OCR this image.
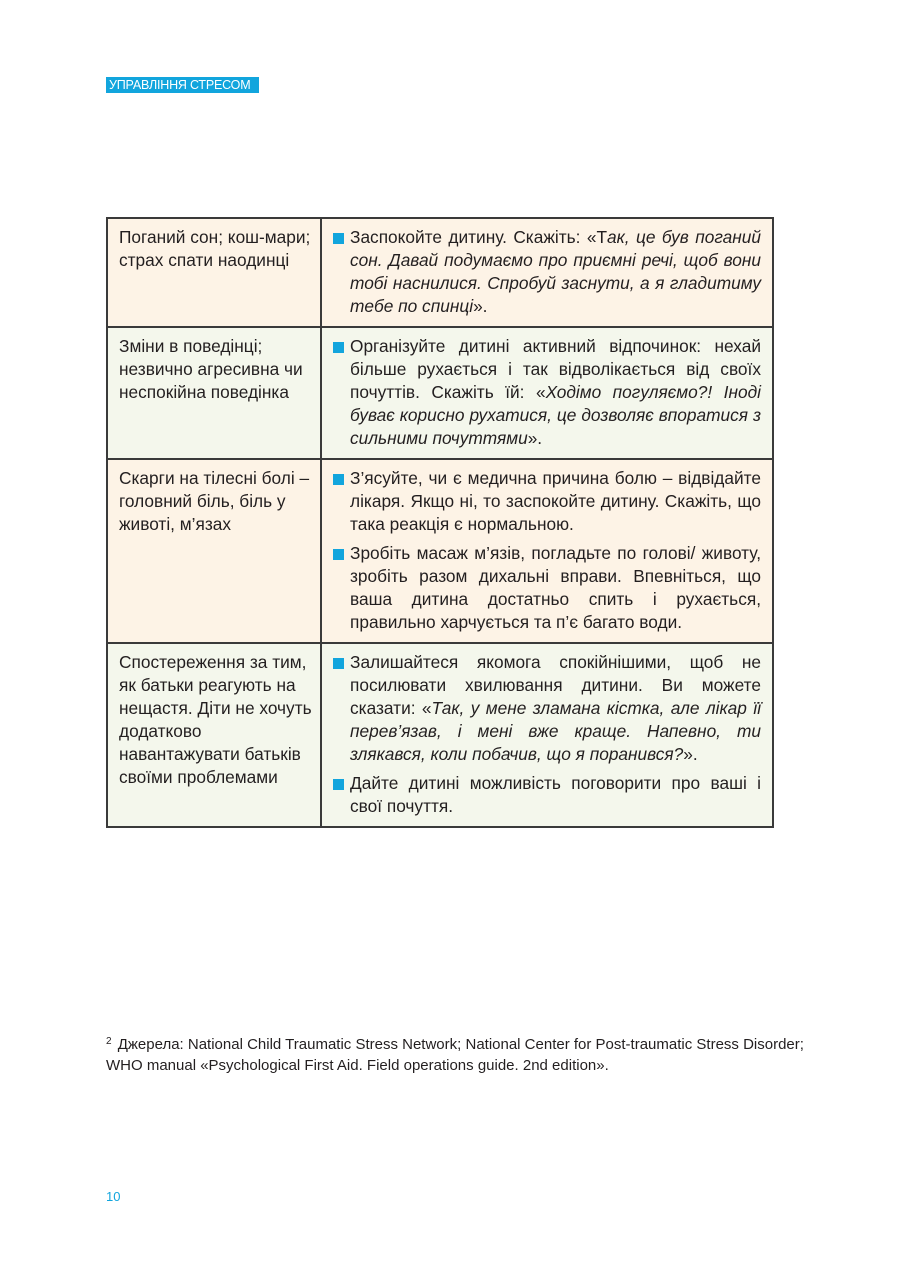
УПРАВЛІННЯ СТРЕСОМ
Поганий сон; кош-мари; страх спати наодинці	Заспокойте дитину. Скажіть: «Так, це був поганий сон. Давай подумаємо про приємні речі, щоб вони тобі наснилися. Спробуй заснути, а я гладитиму тебе по спинці».

Зміни в поведінці; незвично агресивна чи неспокійна поведінка	Організуйте дитині активний відпочинок: нехай більше рухається і так відволікається від своїх почуттів. Скажіть їй: «Ходімо погуляємо?! Іноді буває корисно рухатися, це дозволяє впоратися з сильними почуттями».

Скарги на тілесні болі – головний біль, біль у животі, м’язах	З’ясуйте, чи є медична причина болю – відвідайте лікаря. Якщо ні, то заспокойте дитину. Скажіть, що така реакція є нормальною.
Зробіть масаж м’язів, погладьте по голові/ животу, зробіть разом дихальні вправи. Впевніться, що ваша дитина достатньо спить і рухається, правильно харчується та п’є багато води.

Спостереження за тим, як батьки реагують на нещастя. Діти не хочуть додатково навантажувати батьків своїми проблемами	Залишайтеся якомога спокійнішими, щоб не посилювати хвилювання дитини. Ви можете сказати: «Так, у мене зламана кістка, але лікар її перев’язав, і мені вже краще. Напевно, ти злякався, коли побачив, що я поранився?».
Дайте дитині можливість поговорити про ваші і свої почуття.
$^2$ Джерела: National Child Traumatic Stress Network; National Center for Post-traumatic Stress Disorder; WHO manual «Psychological First Aid. Field operations guide. 2nd edition».
10
